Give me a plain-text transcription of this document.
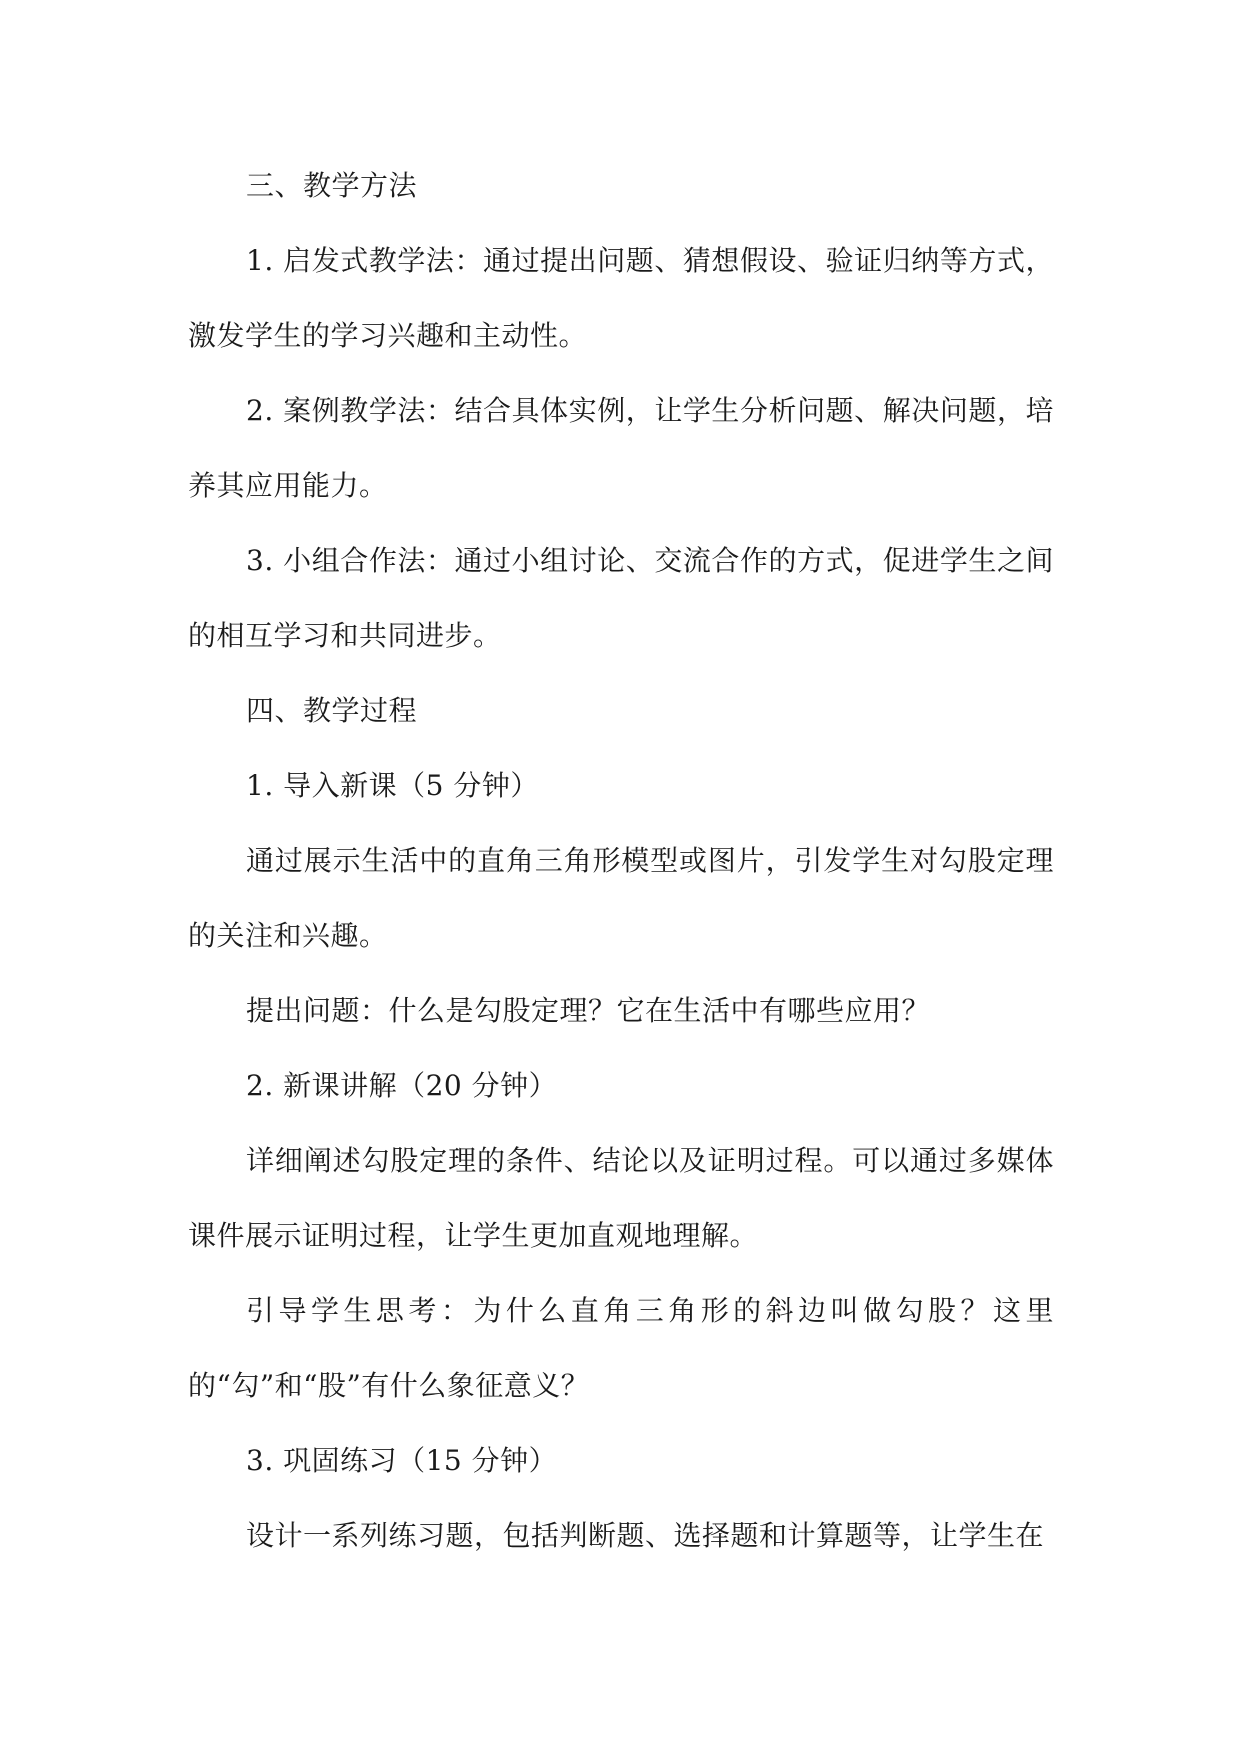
三、教学方法

1. 启发式教学法：通过提出问题、猜想假设、验证归纳等方式，激发学生的学习兴趣和主动性。

2. 案例教学法：结合具体实例，让学生分析问题、解决问题，培养其应用能力。

3. 小组合作法：通过小组讨论、交流合作的方式，促进学生之间的相互学习和共同进步。

四、教学过程

1. 导入新课（5 分钟）

通过展示生活中的直角三角形模型或图片，引发学生对勾股定理的关注和兴趣。

提出问题：什么是勾股定理？它在生活中有哪些应用？

2. 新课讲解（20 分钟）

详细阐述勾股定理的条件、结论以及证明过程。可以通过多媒体课件展示证明过程，让学生更加直观地理解。

引导学生思考：为什么直角三角形的斜边叫做勾股？这里的“勾”和“股”有什么象征意义？

3. 巩固练习（15 分钟）

设计一系列练习题，包括判断题、选择题和计算题等，让学生在
